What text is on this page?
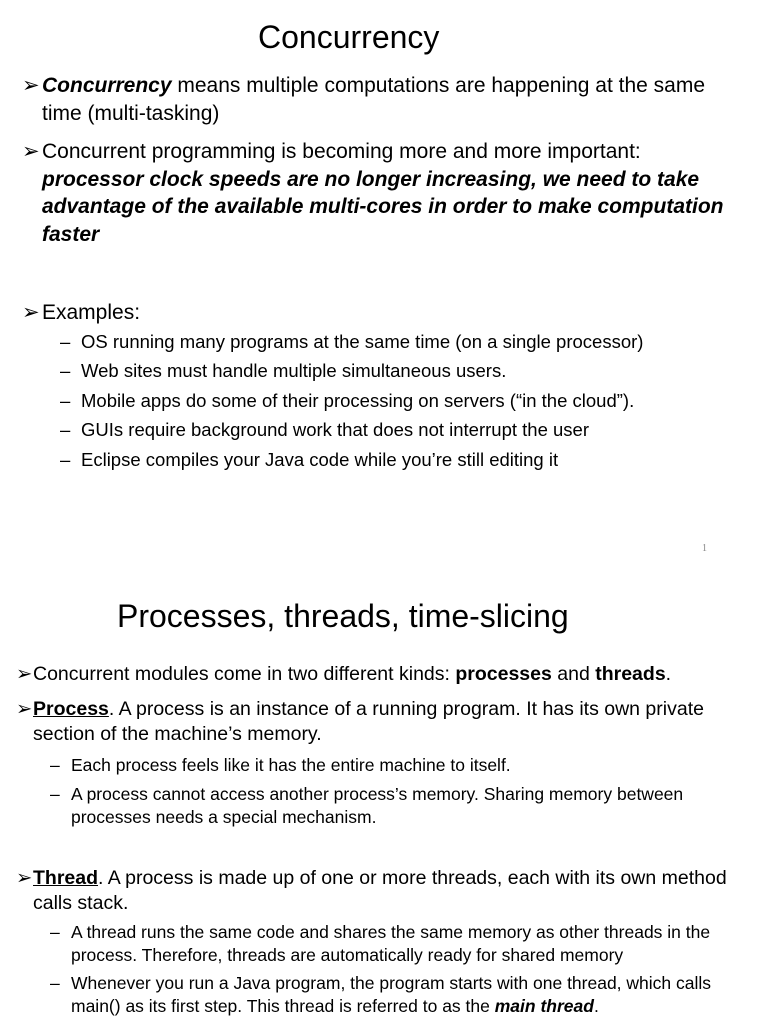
Concurrency
➢ Concurrency means multiple computations are happening at the same time (multi-tasking)
➢ Concurrent programming is becoming more and more important:
processor clock speeds are no longer increasing, we need to take advantage of the available multi-cores in order to make computation faster
➢ Examples:
– OS running many programs at the same time (on a single processor)
– Web sites must handle multiple simultaneous users.
– Mobile apps do some of their processing on servers (“in the cloud”).
– GUIs require background work that does not interrupt the user
– Eclipse compiles your Java code while you’re still editing it
1
Processes, threads, time-slicing
➢ Concurrent modules come in two different kinds: processes and threads.
➢ Process. A process is an instance of a running program. It has its own private section of the machine’s memory.
– Each process feels like it has the entire machine to itself.
– A process cannot access another process’s memory. Sharing memory between processes needs a special mechanism.
➢ Thread. A process is made up of one or more threads, each with its own method calls stack.
– A thread runs the same code and shares the same memory as other threads in the process. Therefore, threads are automatically ready for shared memory
– Whenever you run a Java program, the program starts with one thread, which calls main() as its first step. This thread is referred to as the main thread.
